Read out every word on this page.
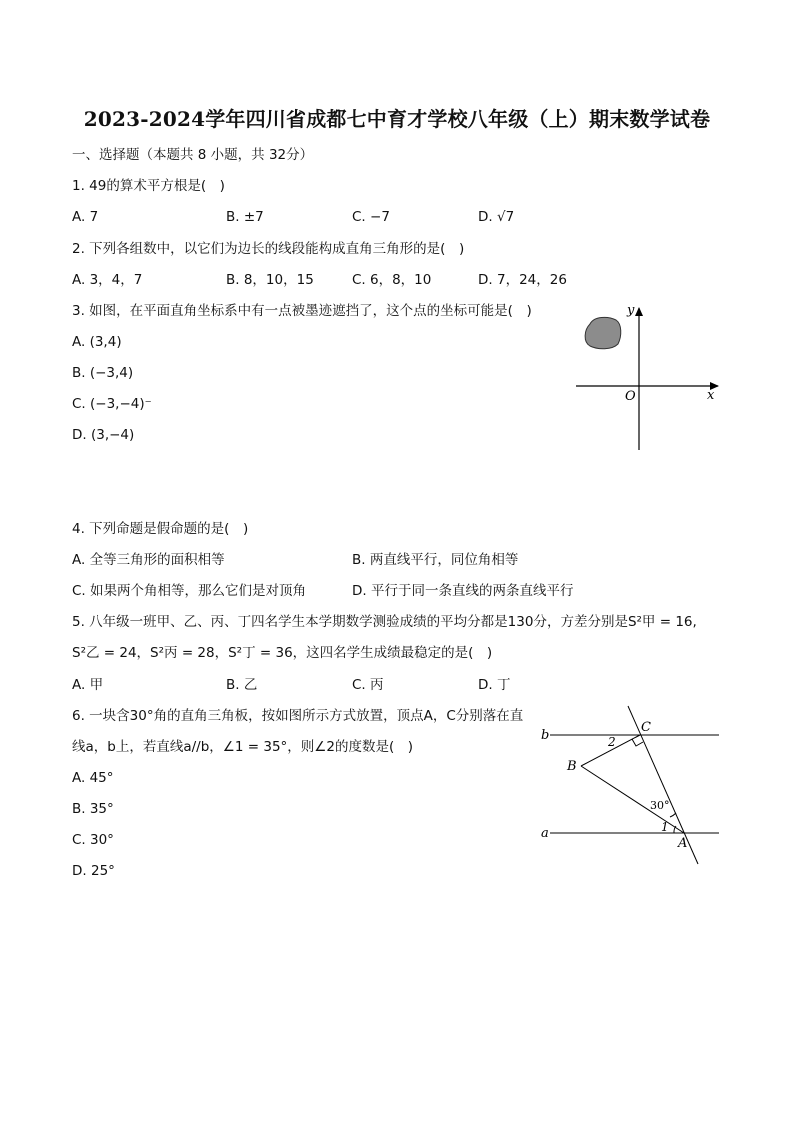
2023-2024学年四川省成都七中育才学校八年级（上）期末数学试卷
一、选择题（本题共 8 小题，共 32分）
1. 49的算术平方根是(　)
A. 7	B. ±7	C. −7	D. √7
2. 下列各组数中，以它们为边长的线段能构成直角三角形的是(　)
A. 3，4，7	B. 8，10，15	C. 6，8，10	D. 7，24，26
3. 如图，在平面直角坐标系中有一点被墨迹遮挡了，这个点的坐标可能是(　)
A. (3,4)
B. (−3,4)
C. (−3,−4)⁻
D. (3,−4)
y
x
O
4. 下列命题是假命题的是(　)
A. 全等三角形的面积相等	B. 两直线平行，同位角相等
C. 如果两个角相等，那么它们是对顶角	D. 平行于同一条直线的两条直线平行
5. 八年级一班甲、乙、丙、丁四名学生本学期数学测验成绩的平均分都是130分，方差分别是S²甲 = 16,
S²乙 = 24，S²丙 = 28，S²丁 = 36，这四名学生成绩最稳定的是(　)
A. 甲	B. 乙	C. 丙	D. 丁
6. 一块含30°角的直角三角板，按如图所示方式放置，顶点A，C分别落在直
线a，b上，若直线a//b，∠1 = 35°，则∠2的度数是(　)
A. 45°
B. 35°
C. 30°
D. 25°
b
a
B
C
A
2
1
30°
